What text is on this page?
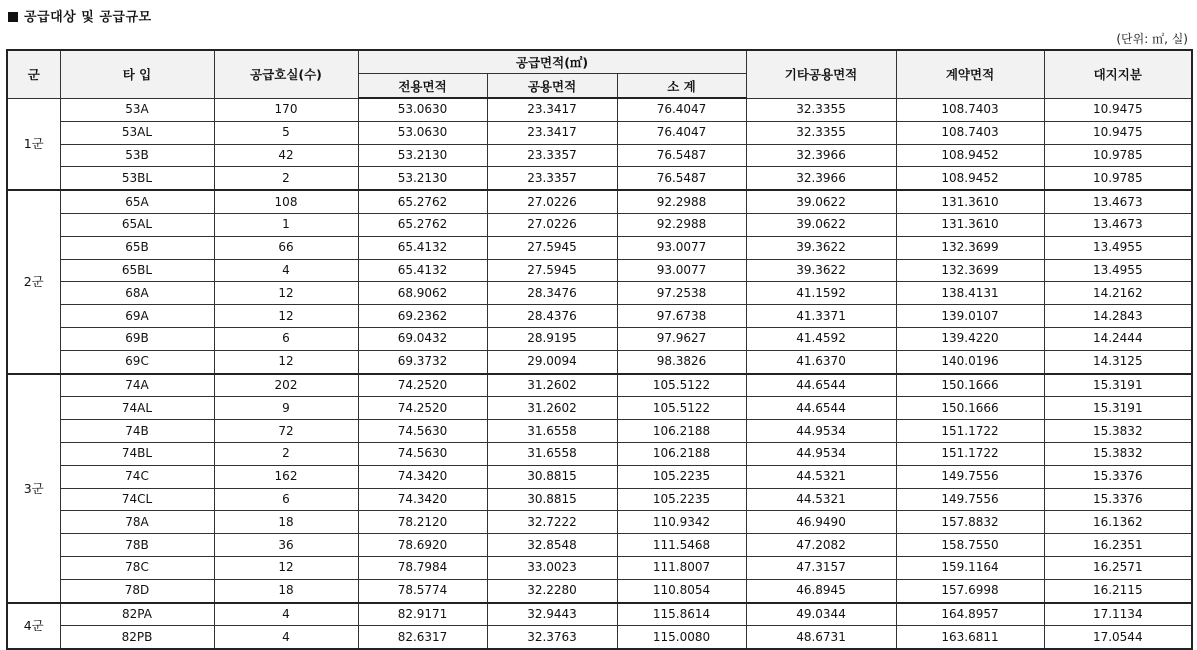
공급대상 및 공급규모
(단위: ㎡, 실)
군	타 입	공급호실(수)	공급면적(㎡)			기타공용면적	계약면적	대지지분
			전용면적	공용면적	소 계			
1군	53A	170	53.0630	23.3417	76.4047	32.3355	108.7403	10.9475
	53AL	5	53.0630	23.3417	76.4047	32.3355	108.7403	10.9475
	53B	42	53.2130	23.3357	76.5487	32.3966	108.9452	10.9785
	53BL	2	53.2130	23.3357	76.5487	32.3966	108.9452	10.9785
2군	65A	108	65.2762	27.0226	92.2988	39.0622	131.3610	13.4673
	65AL	1	65.2762	27.0226	92.2988	39.0622	131.3610	13.4673
	65B	66	65.4132	27.5945	93.0077	39.3622	132.3699	13.4955
	65BL	4	65.4132	27.5945	93.0077	39.3622	132.3699	13.4955
	68A	12	68.9062	28.3476	97.2538	41.1592	138.4131	14.2162
	69A	12	69.2362	28.4376	97.6738	41.3371	139.0107	14.2843
	69B	6	69.0432	28.9195	97.9627	41.4592	139.4220	14.2444
	69C	12	69.3732	29.0094	98.3826	41.6370	140.0196	14.3125
3군	74A	202	74.2520	31.2602	105.5122	44.6544	150.1666	15.3191
	74AL	9	74.2520	31.2602	105.5122	44.6544	150.1666	15.3191
	74B	72	74.5630	31.6558	106.2188	44.9534	151.1722	15.3832
	74BL	2	74.5630	31.6558	106.2188	44.9534	151.1722	15.3832
	74C	162	74.3420	30.8815	105.2235	44.5321	149.7556	15.3376
	74CL	6	74.3420	30.8815	105.2235	44.5321	149.7556	15.3376
	78A	18	78.2120	32.7222	110.9342	46.9490	157.8832	16.1362
	78B	36	78.6920	32.8548	111.5468	47.2082	158.7550	16.2351
	78C	12	78.7984	33.0023	111.8007	47.3157	159.1164	16.2571
	78D	18	78.5774	32.2280	110.8054	46.8945	157.6998	16.2115
4군	82PA	4	82.9171	32.9443	115.8614	49.0344	164.8957	17.1134
	82PB	4	82.6317	32.3763	115.0080	48.6731	163.6811	17.0544
